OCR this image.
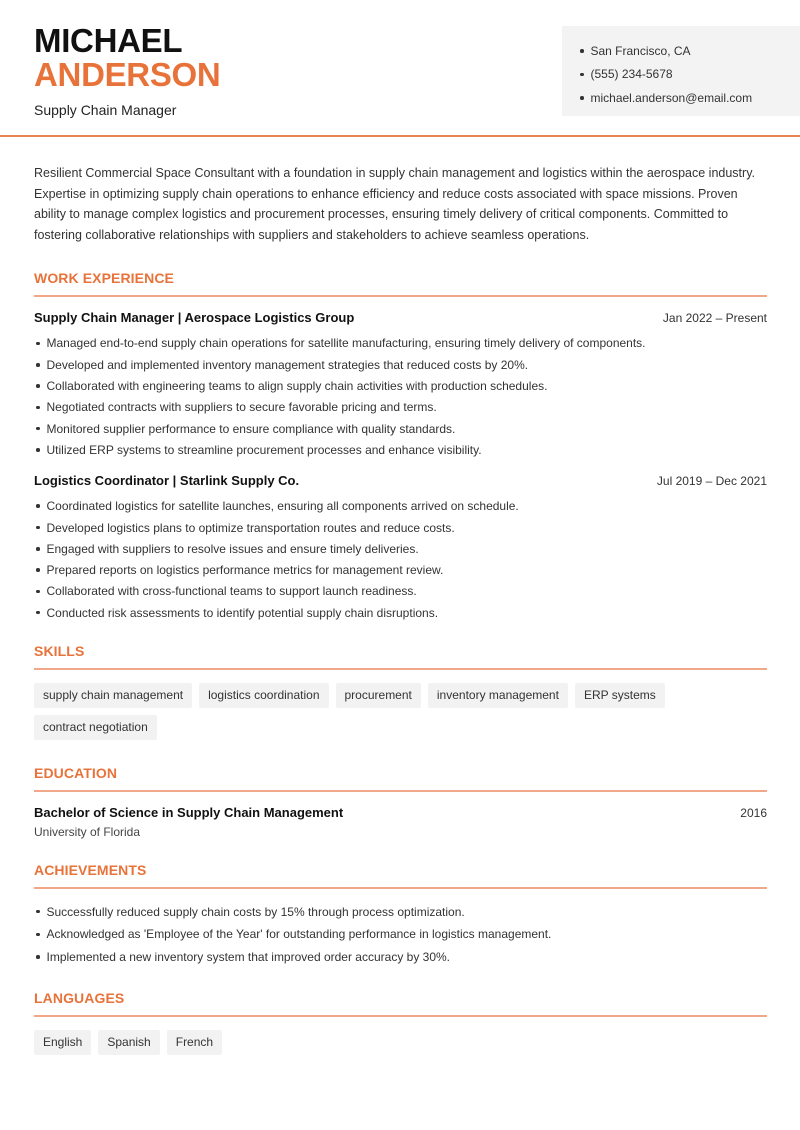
MICHAEL
ANDERSON
Supply Chain Manager
San Francisco, CA
(555) 234-5678
michael.anderson@email.com

Resilient Commercial Space Consultant with a foundation in supply chain management and logistics within the aerospace industry. Expertise in optimizing supply chain operations to enhance efficiency and reduce costs associated with space missions. Proven ability to manage complex logistics and procurement processes, ensuring timely delivery of critical components. Committed to fostering collaborative relationships with suppliers and stakeholders to achieve seamless operations.

WORK EXPERIENCE
Supply Chain Manager | Aerospace Logistics Group	Jan 2022 – Present
Managed end-to-end supply chain operations for satellite manufacturing, ensuring timely delivery of components.
Developed and implemented inventory management strategies that reduced costs by 20%.
Collaborated with engineering teams to align supply chain activities with production schedules.
Negotiated contracts with suppliers to secure favorable pricing and terms.
Monitored supplier performance to ensure compliance with quality standards.
Utilized ERP systems to streamline procurement processes and enhance visibility.
Logistics Coordinator | Starlink Supply Co.	Jul 2019 – Dec 2021
Coordinated logistics for satellite launches, ensuring all components arrived on schedule.
Developed logistics plans to optimize transportation routes and reduce costs.
Engaged with suppliers to resolve issues and ensure timely deliveries.
Prepared reports on logistics performance metrics for management review.
Collaborated with cross-functional teams to support launch readiness.
Conducted risk assessments to identify potential supply chain disruptions.
SKILLS
supply chain management	logistics coordination	procurement	inventory management	ERP systems
contract negotiation
EDUCATION
Bachelor of Science in Supply Chain Management	2016
University of Florida
ACHIEVEMENTS
Successfully reduced supply chain costs by 15% through process optimization.
Acknowledged as 'Employee of the Year' for outstanding performance in logistics management.
Implemented a new inventory system that improved order accuracy by 30%.
LANGUAGES
English	Spanish	French
